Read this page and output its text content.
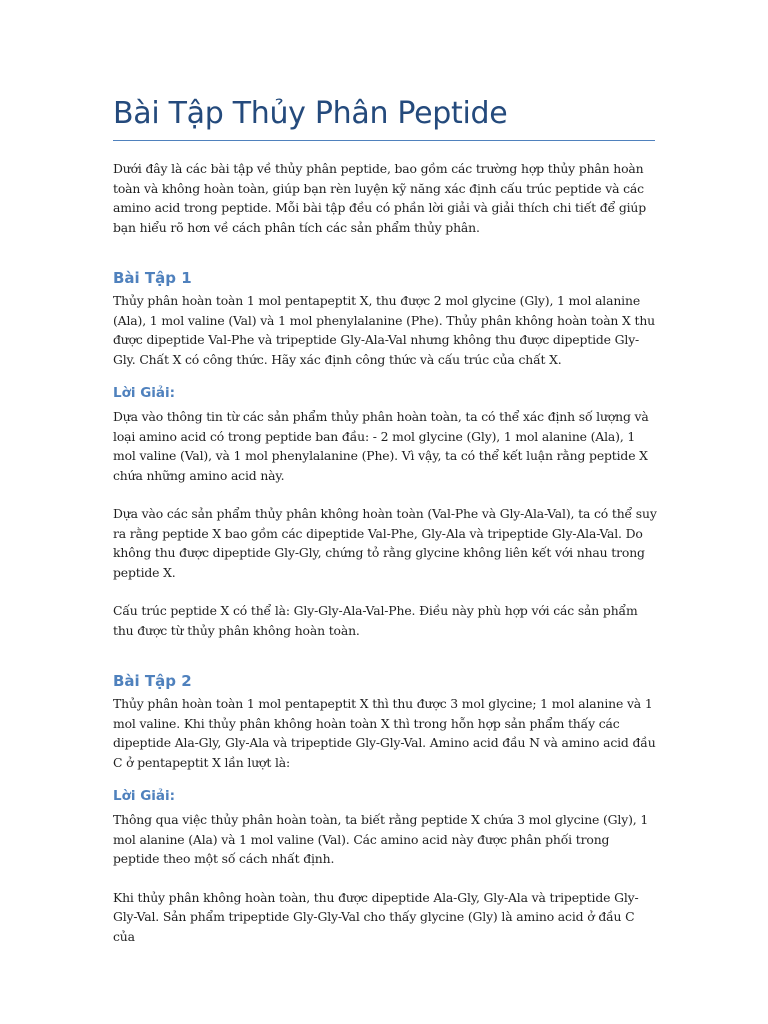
Bài Tập Thủy Phân Peptide

Dưới đây là các bài tập về thủy phân peptide, bao gồm các trường hợp thủy phân hoàn toàn và không hoàn toàn, giúp bạn rèn luyện kỹ năng xác định cấu trúc peptide và các amino acid trong peptide. Mỗi bài tập đều có phần lời giải và giải thích chi tiết để giúp bạn hiểu rõ hơn về cách phân tích các sản phẩm thủy phân.

Bài Tập 1

Thủy phân hoàn toàn 1 mol pentapeptit X, thu được 2 mol glycine (Gly), 1 mol alanine (Ala), 1 mol valine (Val) và 1 mol phenylalanine (Phe). Thủy phân không hoàn toàn X thu được dipeptide Val-Phe và tripeptide Gly-Ala-Val nhưng không thu được dipeptide Gly-Gly. Chất X có công thức. Hãy xác định công thức và cấu trúc của chất X.

Lời Giải:

Dựa vào thông tin từ các sản phẩm thủy phân hoàn toàn, ta có thể xác định số lượng và loại amino acid có trong peptide ban đầu: - 2 mol glycine (Gly), 1 mol alanine (Ala), 1 mol valine (Val), và 1 mol phenylalanine (Phe). Vì vậy, ta có thể kết luận rằng peptide X chứa những amino acid này.

Dựa vào các sản phẩm thủy phân không hoàn toàn (Val-Phe và Gly-Ala-Val), ta có thể suy ra rằng peptide X bao gồm các dipeptide Val-Phe, Gly-Ala và tripeptide Gly-Ala-Val. Do không thu được dipeptide Gly-Gly, chứng tỏ rằng glycine không liên kết với nhau trong peptide X.

Cấu trúc peptide X có thể là: Gly-Gly-Ala-Val-Phe. Điều này phù hợp với các sản phẩm thu được từ thủy phân không hoàn toàn.

Bài Tập 2

Thủy phân hoàn toàn 1 mol pentapeptit X thì thu được 3 mol glycine; 1 mol alanine và 1 mol valine. Khi thủy phân không hoàn toàn X thì trong hỗn hợp sản phẩm thấy các dipeptide Ala-Gly, Gly-Ala và tripeptide Gly-Gly-Val. Amino acid đầu N và amino acid đầu C ở pentapeptit X lần lượt là:

Lời Giải:

Thông qua việc thủy phân hoàn toàn, ta biết rằng peptide X chứa 3 mol glycine (Gly), 1 mol alanine (Ala) và 1 mol valine (Val). Các amino acid này được phân phối trong peptide theo một số cách nhất định.

Khi thủy phân không hoàn toàn, thu được dipeptide Ala-Gly, Gly-Ala và tripeptide Gly-Gly-Val. Sản phẩm tripeptide Gly-Gly-Val cho thấy glycine (Gly) là amino acid ở đầu C của
